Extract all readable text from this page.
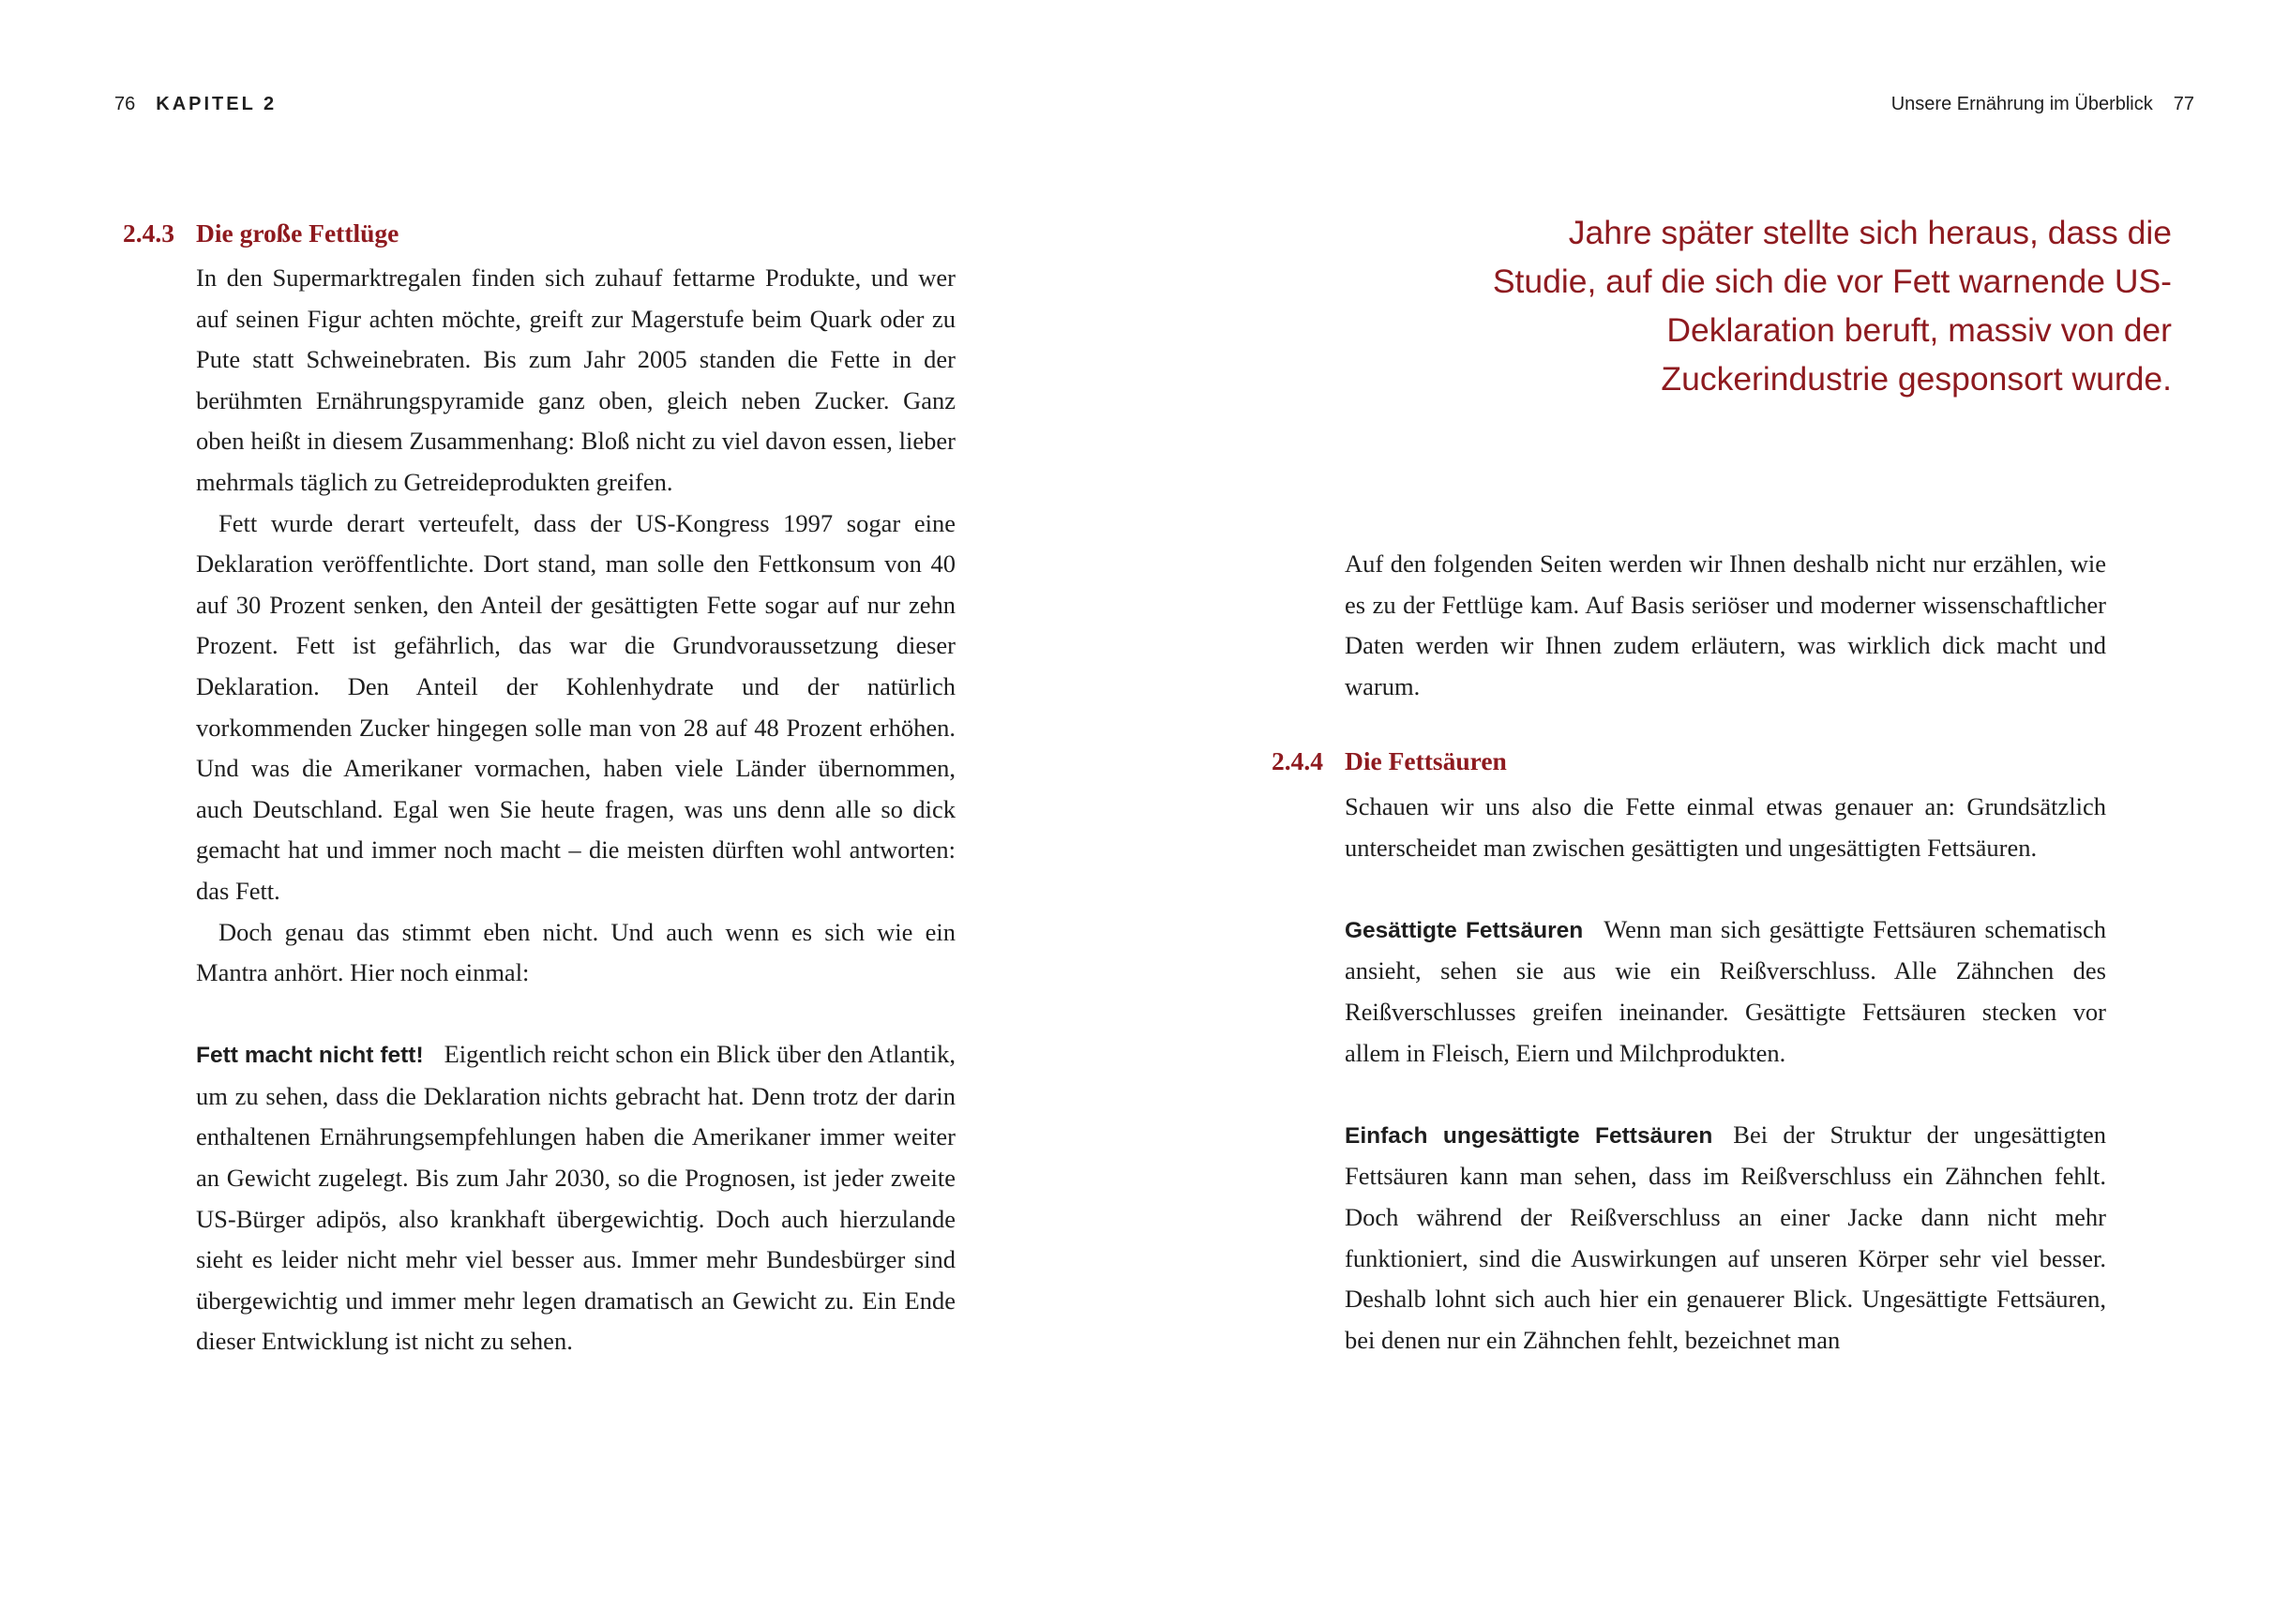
76 KAPITEL 2	Unsere Ernährung im Überblick 77
2.4.3 Die große Fettlüge

In den Supermarktregalen finden sich zuhauf fettarme Produkte, und wer auf seinen Figur achten möchte, greift zur Magerstufe beim Quark oder zu Pute statt Schweinebraten. Bis zum Jahr 2005 standen die Fette in der berühmten Ernährungspyramide ganz oben, gleich neben Zucker. Ganz oben heißt in diesem Zusammenhang: Bloß nicht zu viel davon essen, lieber mehrmals täglich zu Getreideprodukten greifen.

Fett wurde derart verteufelt, dass der US-Kongress 1997 sogar eine Deklaration veröffentlichte. Dort stand, man solle den Fettkonsum von 40 auf 30 Prozent senken, den Anteil der gesättigten Fette sogar auf nur zehn Prozent. Fett ist gefährlich, das war die Grundvoraussetzung dieser Deklaration. Den Anteil der Kohlenhydrate und der natürlich vorkommenden Zucker hingegen solle man von 28 auf 48 Prozent erhöhen. Und was die Amerikaner vormachen, haben viele Länder übernommen, auch Deutschland. Egal wen Sie heute fragen, was uns denn alle so dick gemacht hat und immer noch macht – die meisten dürften wohl antworten: das Fett.

Doch genau das stimmt eben nicht. Und auch wenn es sich wie ein Mantra anhört. Hier noch einmal:

Fett macht nicht fett! Eigentlich reicht schon ein Blick über den Atlantik, um zu sehen, dass die Deklaration nichts gebracht hat. Denn trotz der darin enthaltenen Ernährungsempfehlungen haben die Amerikaner immer weiter an Gewicht zugelegt. Bis zum Jahr 2030, so die Prognosen, ist jeder zweite US-Bürger adipös, also krankhaft übergewichtig. Doch auch hierzulande sieht es leider nicht mehr viel besser aus. Immer mehr Bundesbürger sind übergewichtig und immer mehr legen dramatisch an Gewicht zu. Ein Ende dieser Entwicklung ist nicht zu sehen.

Jahre später stellte sich heraus, dass die Studie, auf die sich die vor Fett warnende US-Deklaration beruft, massiv von der Zuckerindustrie gesponsort wurde.

Auf den folgenden Seiten werden wir Ihnen deshalb nicht nur erzählen, wie es zu der Fettlüge kam. Auf Basis seriöser und moderner wissenschaftlicher Daten werden wir Ihnen zudem erläutern, was wirklich dick macht und warum.

2.4.4 Die Fettsäuren

Schauen wir uns also die Fette einmal etwas genauer an: Grundsätzlich unterscheidet man zwischen gesättigten und ungesättigten Fettsäuren.

Gesättigte Fettsäuren Wenn man sich gesättigte Fettsäuren schematisch ansieht, sehen sie aus wie ein Reißverschluss. Alle Zähnchen des Reißverschlusses greifen ineinander. Gesättigte Fettsäuren stecken vor allem in Fleisch, Eiern und Milchprodukten.

Einfach ungesättigte Fettsäuren Bei der Struktur der ungesättigten Fettsäuren kann man sehen, dass im Reißverschluss ein Zähnchen fehlt. Doch während der Reißverschluss an einer Jacke dann nicht mehr funktioniert, sind die Auswirkungen auf unseren Körper sehr viel besser. Deshalb lohnt sich auch hier ein genauerer Blick. Ungesättigte Fettsäuren, bei denen nur ein Zähnchen fehlt, bezeichnet man
